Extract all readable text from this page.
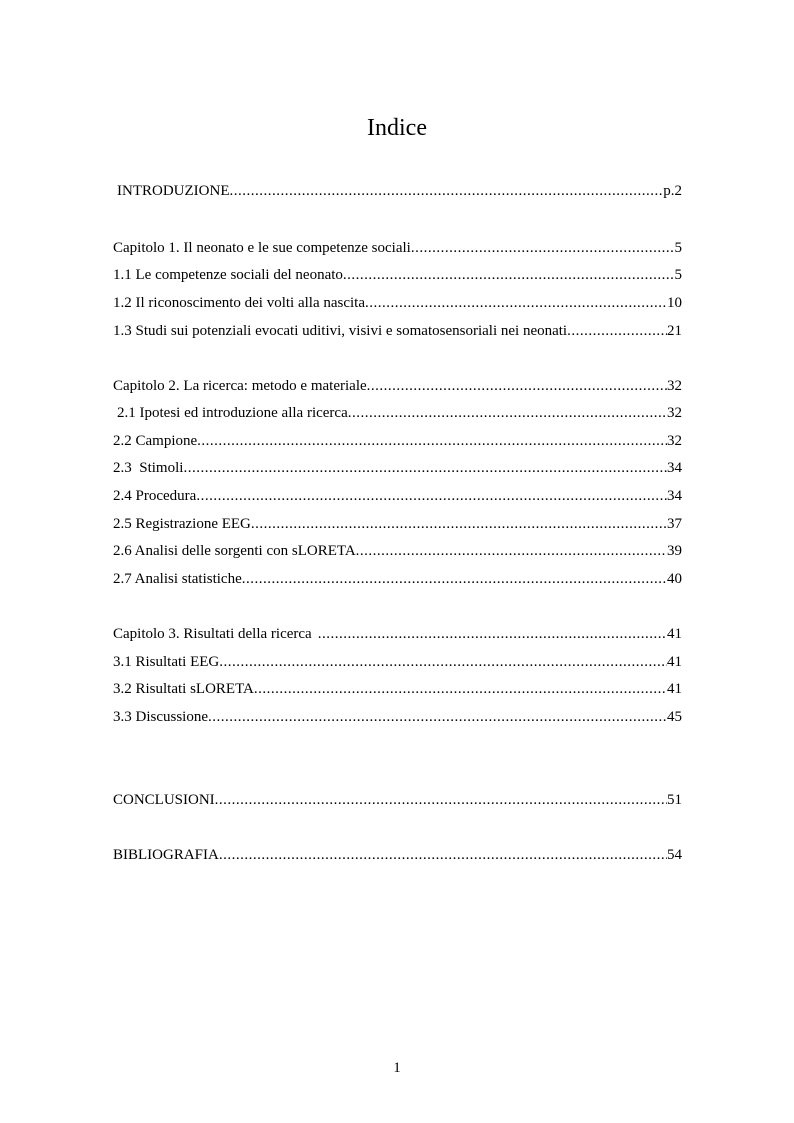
Indice
INTRODUZIONE .....	p.2
Capitolo 1. Il neonato e le sue competenze sociali .....	5
1.1 Le competenze sociali del neonato .....	5
1.2 Il riconoscimento dei volti alla nascita .....	10
1.3 Studi sui potenziali evocati uditivi, visivi e somatosensoriali nei neonati .....	21
Capitolo 2. La ricerca: metodo e materiale .....	32
2.1 Ipotesi ed introduzione alla ricerca .....	32
2.2 Campione .....	32
2.3  Stimoli .....	34
2.4 Procedura .....	34
2.5 Registrazione EEG .....	37
2.6 Analisi delle sorgenti con sLORETA .....	39
2.7 Analisi statistiche .....	40
Capitolo 3. Risultati della ricerca .....	41
3.1 Risultati EEG .....	41
3.2 Risultati sLORETA .....	41
3.3 Discussione .....	45
CONCLUSIONI .....	51
BIBLIOGRAFIA .....	54
1
